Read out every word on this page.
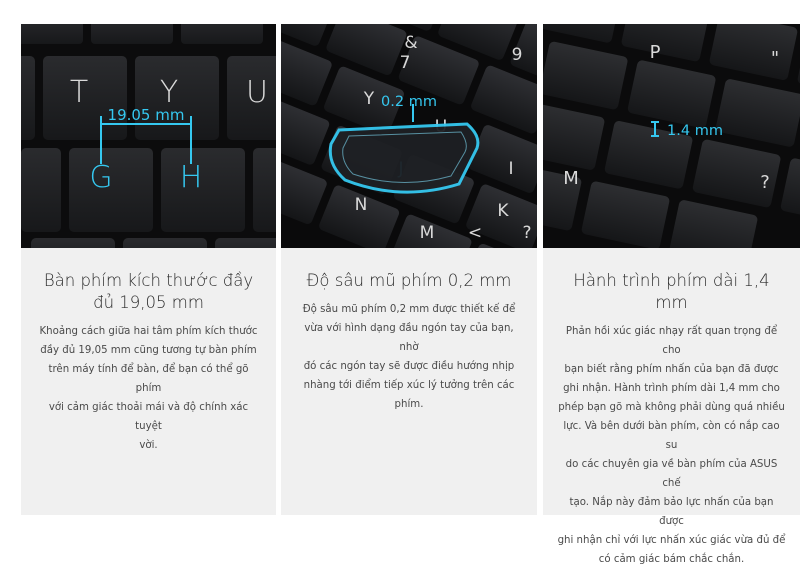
T Y U
G H
19.05 mm

Bàn phím kích thước đầy
đủ 19,05 mm

Khoảng cách giữa hai tâm phím kích thước
đầy đủ 19,05 mm cũng tương tự bàn phím
trên máy tính để bàn, để bạn có thể gõ phím
với cảm giác thoải mái và độ chính xác tuyệt
vời.

Y
I
K
N
M
&
7	9
< ?
0.2 mm

Độ sâu mũ phím 0,2 mm

Độ sâu mũ phím 0,2 mm được thiết kế để
vừa với hình dạng đầu ngón tay của bạn, nhờ
đó các ngón tay sẽ được điều hướng nhịp
nhàng tới điểm tiếp xúc lý tưởng trên các
phím.

P
M	?
"
1.4 mm

Hành trình phím dài 1,4
mm

Phản hồi xúc giác nhạy rất quan trọng để cho
bạn biết rằng phím nhấn của bạn đã được
ghi nhận. Hành trình phím dài 1,4 mm cho
phép bạn gõ mà không phải dùng quá nhiều
lực. Và bên dưới bàn phím, còn có nắp cao su
do các chuyên gia về bàn phím của ASUS chế
tạo. Nắp này đảm bảo lực nhấn của bạn được
ghi nhận chỉ với lực nhấn xúc giác vừa đủ để
có cảm giác bám chắc chắn.
